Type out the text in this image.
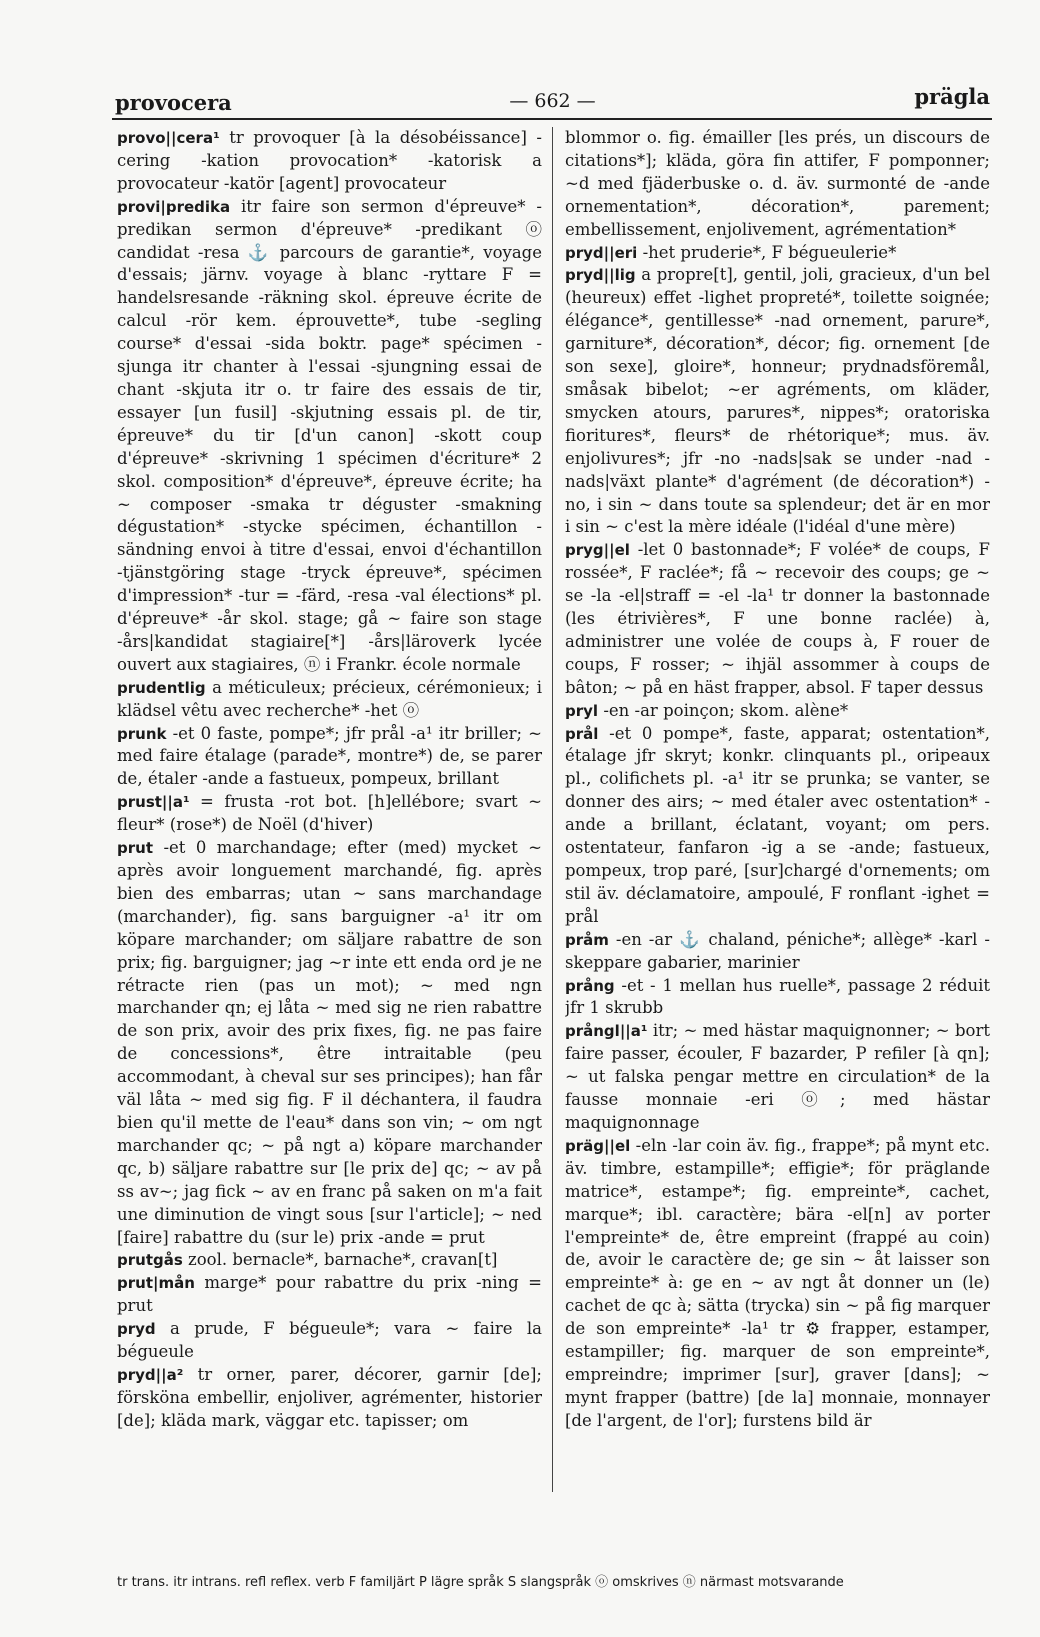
provocera	— 662 —	prägla

provo||cera¹ tr provoquer [à la désobéissance] -cering -kation provocation* -katorisk a provocateur -katör [agent] provocateur

provi|predika itr faire son sermon d'épreuve* -predikan sermon d'épreuve* -predikant ⓞ candidat -resa ⚓ parcours de garantie*, voyage d'essais; järnv. voyage à blanc -ryttare F = handelsresande -räkning skol. épreuve écrite de calcul -rör kem. éprouvette*, tube -segling course* d'essai -sida boktr. page* spécimen -sjunga itr chanter à l'essai -sjungning essai de chant -skjuta itr o. tr faire des essais de tir, essayer [un fusil] -skjutning essais pl. de tir, épreuve* du tir [d'un canon] -skott coup d'épreuve* -skrivning 1 spécimen d'écriture* 2 skol. composition* d'épreuve*, épreuve écrite; ha ~ composer -smaka tr déguster -smakning dégustation* -stycke spécimen, échantillon -sändning envoi à titre d'essai, envoi d'échantillon -tjänstgöring stage -tryck épreuve*, spécimen d'impression* -tur = -färd, -resa -val élections* pl. d'épreuve* -år skol. stage; gå ~ faire son stage -års|kandidat stagiaire[*] -års|läroverk lycée ouvert aux stagiaires, ⓝ i Frankr. école normale

prudentlig a méticuleux; précieux, cérémonieux; i klädsel vêtu avec recherche* -het ⓞ

prunk -et 0 faste, pompe*; jfr prål -a¹ itr briller; ~ med faire étalage (parade*, montre*) de, se parer de, étaler -ande a fastueux, pompeux, brillant

prust||a¹ = frusta -rot bot. [h]ellébore; svart ~ fleur* (rose*) de Noël (d'hiver)

prut -et 0 marchandage; efter (med) mycket ~ après avoir longuement marchandé, fig. après bien des embarras; utan ~ sans marchandage (marchander), fig. sans barguigner -a¹ itr om köpare marchander; om säljare rabattre de son prix; fig. barguigner; jag ~r inte ett enda ord je ne rétracte rien (pas un mot); ~ med ngn marchander qn; ej låta ~ med sig ne rien rabattre de son prix, avoir des prix fixes, fig. ne pas faire de concessions*, être intraitable (peu accommodant, à cheval sur ses principes); han får väl låta ~ med sig fig. F il déchantera, il faudra bien qu'il mette de l'eau* dans son vin; ~ om ngt marchander qc; ~ på ngt a) köpare marchander qc, b) säljare rabattre sur [le prix de] qc; ~ av på ss av~; jag fick ~ av en franc på saken on m'a fait une diminution de vingt sous [sur l'article]; ~ ned [faire] rabattre du (sur le) prix -ande = prut

prutgås zool. bernacle*, barnache*, cravan[t]

prut|mån marge* pour rabattre du prix -ning = prut

pryd a prude, F bégueule*; vara ~ faire la bégueule

pryd||a² tr orner, parer, décorer, garnir [de]; förskönа embellir, enjoliver, agrémenter, historier [de]; kläda mark, väggar etc. tapisser; om

blommor o. fig. émailler [les prés, un discours de citations*]; kläda, göra fin attifer, F pomponner; ~d med fjäderbuske o. d. äv. surmonté de -ande ornementation*, décoration*, parement; embellissement, enjolivement, agrémentation*

pryd||eri -het pruderie*, F bégueulerie*

pryd||lig a propre[t], gentil, joli, gracieux, d'un bel (heureux) effet -lighet propreté*, toilette soignée; élégance*, gentillesse* -nad ornement, parure*, garniture*, décoration*, décor; fig. ornement [de son sexe], gloire*, honneur; prydnadsföremål, småsak bibelot; ~er agréments, om kläder, smycken atours, parures*, nippes*; oratoriska fioritures*, fleurs* de rhétorique*; mus. äv. enjolivures*; jfr -no -nads|sak se under -nad -nads|växt plante* d'agrément (de décoration*) -no, i sin ~ dans toute sa splendeur; det är en mor i sin ~ c'est la mère idéale (l'idéal d'une mère)

pryg||el -let 0 bastonnade*; F volée* de coups, F rossée*, F raclée*; få ~ recevoir des coups; ge ~ se -la -el|straff = -el -la¹ tr donner la bastonnade (les étrivières*, F une bonne raclée) à, administrer une volée de coups à, F rouer de coups, F rosser; ~ ihjäl assommer à coups de bâton; ~ på en häst frapper, absol. F taper dessus

pryl -en -ar poinçon; skom. alène*

prål -et 0 pompe*, faste, apparat; ostentation*, étalage jfr skryt; konkr. clinquants pl., oripeaux pl., colifichets pl. -a¹ itr se prunka; se vanter, se donner des airs; ~ med étaler avec ostentation* -ande a brillant, éclatant, voyant; om pers. ostentateur, fanfaron -ig a se -ande; fastueux, pompeux, trop paré, [sur]chargé d'ornements; om stil äv. déclamatoire, ampoulé, F ronflant -ighet = prål

pråm -en -ar ⚓ chaland, péniche*; allège* -karl -skeppare gabarier, marinier

prång -et - 1 mellan hus ruelle*, passage 2 réduit jfr 1 skrubb

prångl||a¹ itr; ~ med hästar maquignonner; ~ bort faire passer, écouler, F bazarder, P refiler [à qn]; ~ ut falska pengar mettre en circulation* de la fausse monnaie -eri ⓞ; med hästar maquignonnage

präg||el -eln -lar coin äv. fig., frappe*; på mynt etc. äv. timbre, estampille*; effigie*; för präglande matrice*, estampe*; fig. empreinte*, cachet, marque*; ibl. caractère; bära -el[n] av porter l'empreinte* de, être empreint (frappé au coin) de, avoir le caractère de; ge sin ~ åt laisser son empreinte* à: ge en ~ av ngt åt donner un (le) cachet de qc à; sätta (trycka) sin ~ på fig marquer de son empreinte* -la¹ tr ⚙ frapper, estamper, estampiller; fig. marquer de son empreinte*, empreindre; imprimer [sur], graver [dans]; ~ mynt frapper (battre) [de la] monnaie, monnayer [de l'argent, de l'or]; furstens bild är

tr trans. itr intrans. refl reflex. verb F familjärt P lägre språk S slangspråk ⓞ omskrives ⓝ närmast motsvarande
